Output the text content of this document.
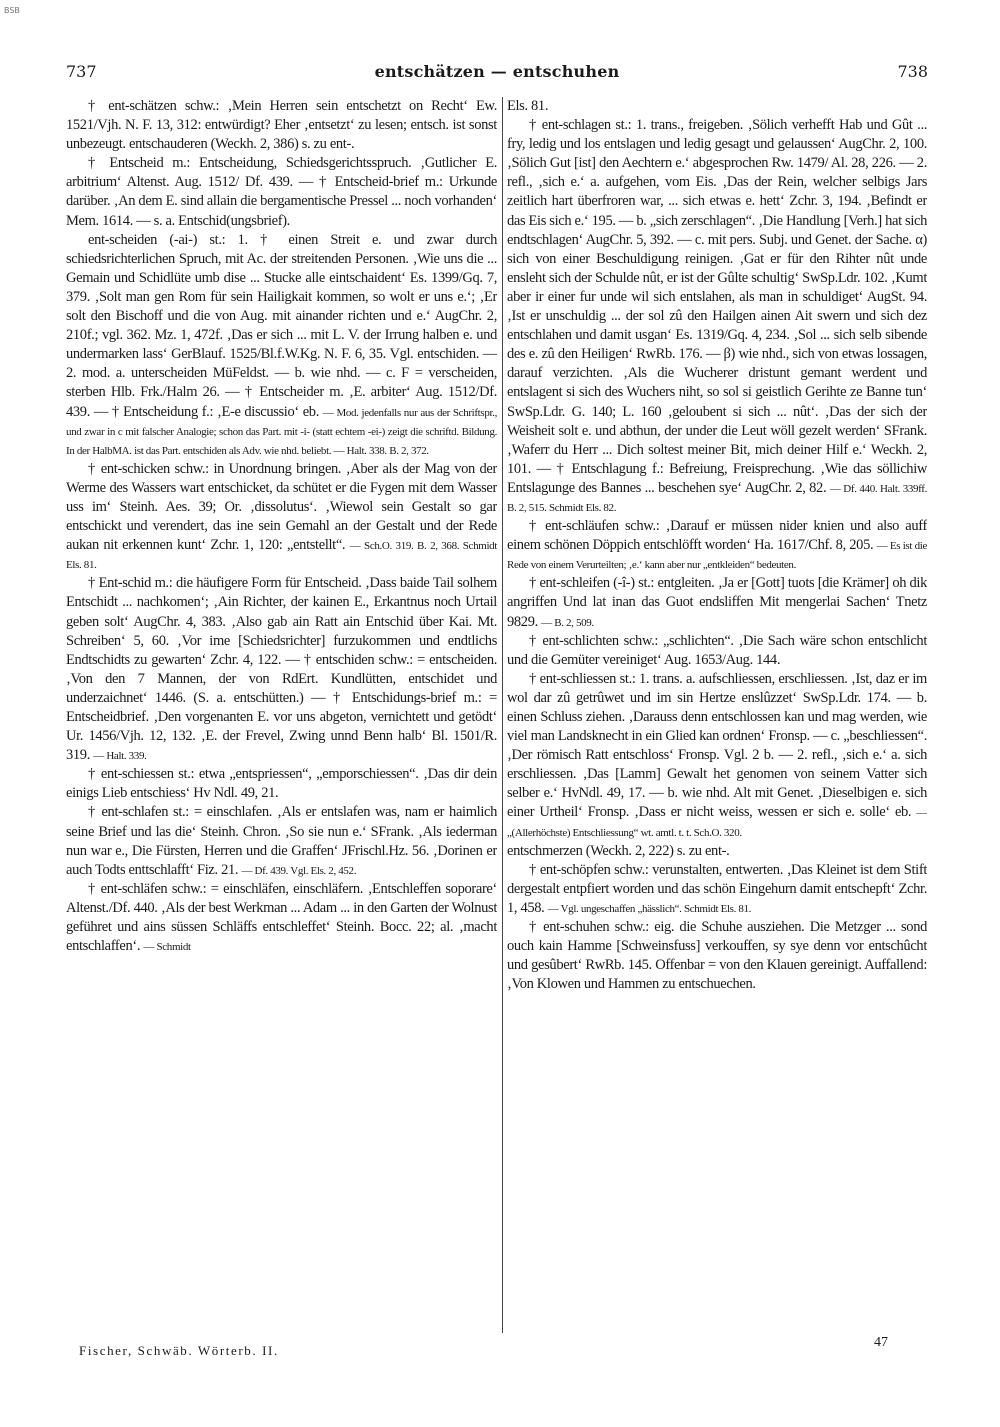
BSB
737	entschätzen — entschuhen	738

† ent-schätzen schw.: ‚Mein Herren sein entschetzt on Recht‘ Ew. 1521/Vjh. N. F. 13, 312: entwürdigt? Eher ‚entsetzt‘ zu lesen; entsch. ist sonst unbezeugt. entschauderen (Weckh. 2, 386) s. zu ent-.

† Entscheid m.: Entscheidung, Schiedsgerichtsspruch. ‚Gutlicher E. arbitrium‘ Altenst. Aug. 1512/ Df. 439. — † Entscheid-brief m.: Urkunde darüber. ‚An dem E. sind allain die bergamentische Pressel ... noch vorhanden‘ Mem. 1614. — s. a. Entschid(ungsbrief).

ent-scheiden (-ai-) st.: 1. † einen Streit e. und zwar durch schiedsrichterlichen Spruch, mit Ac. der streitenden Personen. ‚Wie uns die ... Gemain und Schidlüte umb dise ... Stucke alle eintschaident‘ Es. 1399/Gq. 7, 379. ‚Solt man gen Rom für sein Hailigkait kommen, so wolt er uns e.‘; ‚Er solt den Bischoff und die von Aug. mit ainander richten und e.‘ AugChr. 2, 210f.; vgl. 362. Mz. 1, 472f. ‚Das er sich ... mit L. V. der Irrung halben e. und undermarken lass‘ GerBlauf. 1525/Bl.f.W.Kg. N. F. 6, 35. Vgl. entschiden. — 2. mod. a. unterscheiden MüFeldst. — b. wie nhd. — c. F = verscheiden, sterben Hlb. Frk./Halm 26. — † Entscheider m. ‚E. arbiter‘ Aug. 1512/Df. 439. — † Entscheidung f.: ‚E-e discussio‘ eb. — Mod. jedenfalls nur aus der Schriftspr., und zwar in c mit falscher Analogie; schon das Part. mit -i- (statt echtem -ei-) zeigt die schriftd. Bildung. In der HalbMA. ist das Part. entschiden als Adv. wie nhd. beliebt. — Halt. 338. B. 2, 372.

† ent-schicken schw.: in Unordnung bringen. ‚Aber als der Mag von der Werme des Wassers wart entschicket, da schütet er die Fygen mit dem Wasser uss im‘ Steinh. Aes. 39; Or. ‚dissolutus‘. ‚Wiewol sein Gestalt so gar entschickt und verendert, das ine sein Gemahl an der Gestalt und der Rede aukan nit erkennen kunt‘ Zchr. 1, 120: „entstellt“. — Sch.O. 319. B. 2, 368. Schmidt Els. 81.

† Ent-schid m.: die häufigere Form für Entscheid. ‚Dass baide Tail solhem Entschidt ... nachkomen‘; ‚Ain Richter, der kainen E., Erkantnus noch Urtail geben solt‘ AugChr. 4, 383. ‚Also gab ain Ratt ain Entschid über Kai. Mt. Schreiben‘ 5, 60. ‚Vor ime [Schiedsrichter] furzukommen und endtlichs Endtschidts zu gewarten‘ Zchr. 4, 122. — † entschiden schw.: = entscheiden. ‚Von den 7 Mannen, der von RdErt. Kundlütten, entschidet und underzaichnet‘ 1446. (S. a. entschütten.) — † Entschidungs-brief m.: = Entscheidbrief. ‚Den vorgenanten E. vor uns abgeton, vernichtett und getödt‘ Ur. 1456/Vjh. 12, 132. ‚E. der Frevel, Zwing unnd Benn halb‘ Bl. 1501/R. 319. — Halt. 339.

† ent-schiessen st.: etwa „entspriessen“, „emporschiessen“. ‚Das dir dein einigs Lieb entschiess‘ Hv Ndl. 49, 21.

† ent-schlafen st.: = einschlafen. ‚Als er entslafen was, nam er haimlich seine Brief und las die‘ Steinh. Chron. ‚So sie nun e.‘ SFrank. ‚Als iederman nun war e., Die Fürsten, Herren und die Graffen‘ JFrischl.Hz. 56. ‚Dorinen er auch Todts enttschlafft‘ Fiz. 21. — Df. 439. Vgl. Els. 2, 452.

† ent-schläfen schw.: = einschläfen, einschläfern. ‚Entschleffen soporare‘ Altenst./Df. 440. ‚Als der best Werkman ... Adam ... in den Garten der Wolnust geführet und ains süssen Schläffs entschleffet‘ Steinh. Bocc. 22; al. ‚macht entschlaffen‘. — Schmidt

Els. 81.

† ent-schlagen st.: 1. trans., freigeben. ‚Sölich verhefft Hab und Gût ... fry, ledig und los entslagen und ledig gesagt und gelaussen‘ AugChr. 2, 100. ‚Sölich Gut [ist] den Aechtern e.‘ abgesprochen Rw. 1479/ Al. 28, 226. — 2. refl., ‚sich e.‘ a. aufgehen, vom Eis. ‚Das der Rein, welcher selbigs Jars zeitlich hart überfroren war, ... sich etwas e. hett‘ Zchr. 3, 194. ‚Befindt er das Eis sich e.‘ 195. — b. „sich zerschlagen“. ‚Die Handlung [Verh.] hat sich endtschlagen‘ AugChr. 5, 392. — c. mit pers. Subj. und Genet. der Sache. α) sich von einer Beschuldigung reinigen. ‚Gat er für den Rihter nût unde ensleht sich der Schulde nût, er ist der Gûlte schultig‘ SwSp.Ldr. 102. ‚Kumt aber ir einer fur unde wil sich entslahen, als man in schuldiget‘ AugSt. 94. ‚Ist er unschuldig ... der sol zû den Hailgen ainen Ait swern und sich dez entschlahen und damit usgan‘ Es. 1319/Gq. 4, 234. ‚Sol ... sich selb sibende des e. zû den Heiligen‘ RwRb. 176. — β) wie nhd., sich von etwas lossagen, darauf verzichten. ‚Als die Wucherer dristunt gemant werdent und entslagent si sich des Wuchers niht, so sol si geistlich Gerihte ze Banne tun‘ SwSp.Ldr. G. 140; L. 160 ‚geloubent si sich ... nût‘. ‚Das der sich der Weisheit solt e. und abthun, der under die Leut wöll gezelt werden‘ SFrank. ‚Waferr du Herr ... Dich soltest meiner Bit, mich deiner Hilf e.‘ Weckh. 2, 101. — † Entschlagung f.: Befreiung, Freisprechung. ‚Wie das söllichiw Entslagunge des Bannes ... beschehen sye‘ AugChr. 2, 82. — Df. 440. Halt. 339ff. B. 2, 515. Schmidt Els. 82.

† ent-schläufen schw.: ‚Darauf er müssen nider knien und also auff einem schönen Döppich entschlöfft worden‘ Ha. 1617/Chf. 8, 205. — Es ist die Rede von einem Verurteilten; ‚e.‘ kann aber nur „entkleiden“ bedeuten.

† ent-schleifen (-î-) st.: entgleiten. ‚Ja er [Gott] tuots [die Krämer] oh dik angriffen Und lat inan das Guot endsliffen Mit mengerlai Sachen‘ Tnetz 9829. — B. 2, 509.

† ent-schlichten schw.: „schlichten“. ‚Die Sach wäre schon entschlicht und die Gemüter vereiniget‘ Aug. 1653/Aug. 144.

† ent-schliessen st.: 1. trans. a. aufschliessen, erschliessen. ‚Ist, daz er im wol dar zû getrûwet und im sin Hertze enslûzzet‘ SwSp.Ldr. 174. — b. einen Schluss ziehen. ‚Darauss denn entschlossen kan und mag werden, wie viel man Landsknecht in ein Glied kan ordnen‘ Fronsp. — c. „beschliessen“. ‚Der römisch Ratt entschloss‘ Fronsp. Vgl. 2 b. — 2. refl., ‚sich e.‘ a. sich erschliessen. ‚Das [Lamm] Gewalt het genomen von seinem Vatter sich selber e.‘ HvNdl. 49, 17. — b. wie nhd. Alt mit Genet. ‚Dieselbigen e. sich einer Urtheil‘ Fronsp. ‚Dass er nicht weiss, wessen er sich e. solle‘ eb. — „(Allerhöchste) Entschliessung“ wt. amtl. t. t. Sch.O. 320.

entschmerzen (Weckh. 2, 222) s. zu ent-.

† ent-schöpfen schw.: verunstalten, entwerten. ‚Das Kleinet ist dem Stift dergestalt entpfiert worden und das schön Eingehurn damit entschepft‘ Zchr. 1, 458. — Vgl. ungeschaffen „hässlich“. Schmidt Els. 81.

† ent-schuhen schw.: eig. die Schuhe ausziehen. Die Metzger ... sond ouch kain Hamme [Schweinsfuss] verkouffen, sy sye denn vor entschûcht und gesûbert‘ RwRb. 145. Offenbar = von den Klauen gereinigt. Auffallend: ‚Von Klowen und Hammen zu entschuechen.

Fischer, Schwäb. Wörterb. II.
47
